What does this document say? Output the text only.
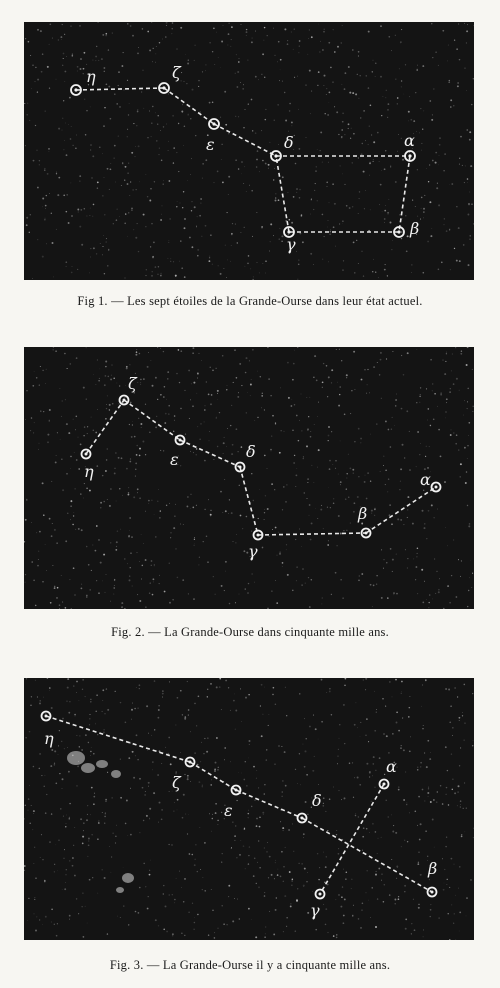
η	ζ
ε	δ	α
β
γ
Fig 1. — Les sept étoiles de la Grande-Ourse dans leur état actuel.
η
ζ
ε	δ
γ
β
α
Fig. 2. — La Grande-Ourse dans cinquante mille ans.
η
ζ
ε
δ
β
α
γ
Fig. 3. — La Grande-Ourse il y a cinquante mille ans.
